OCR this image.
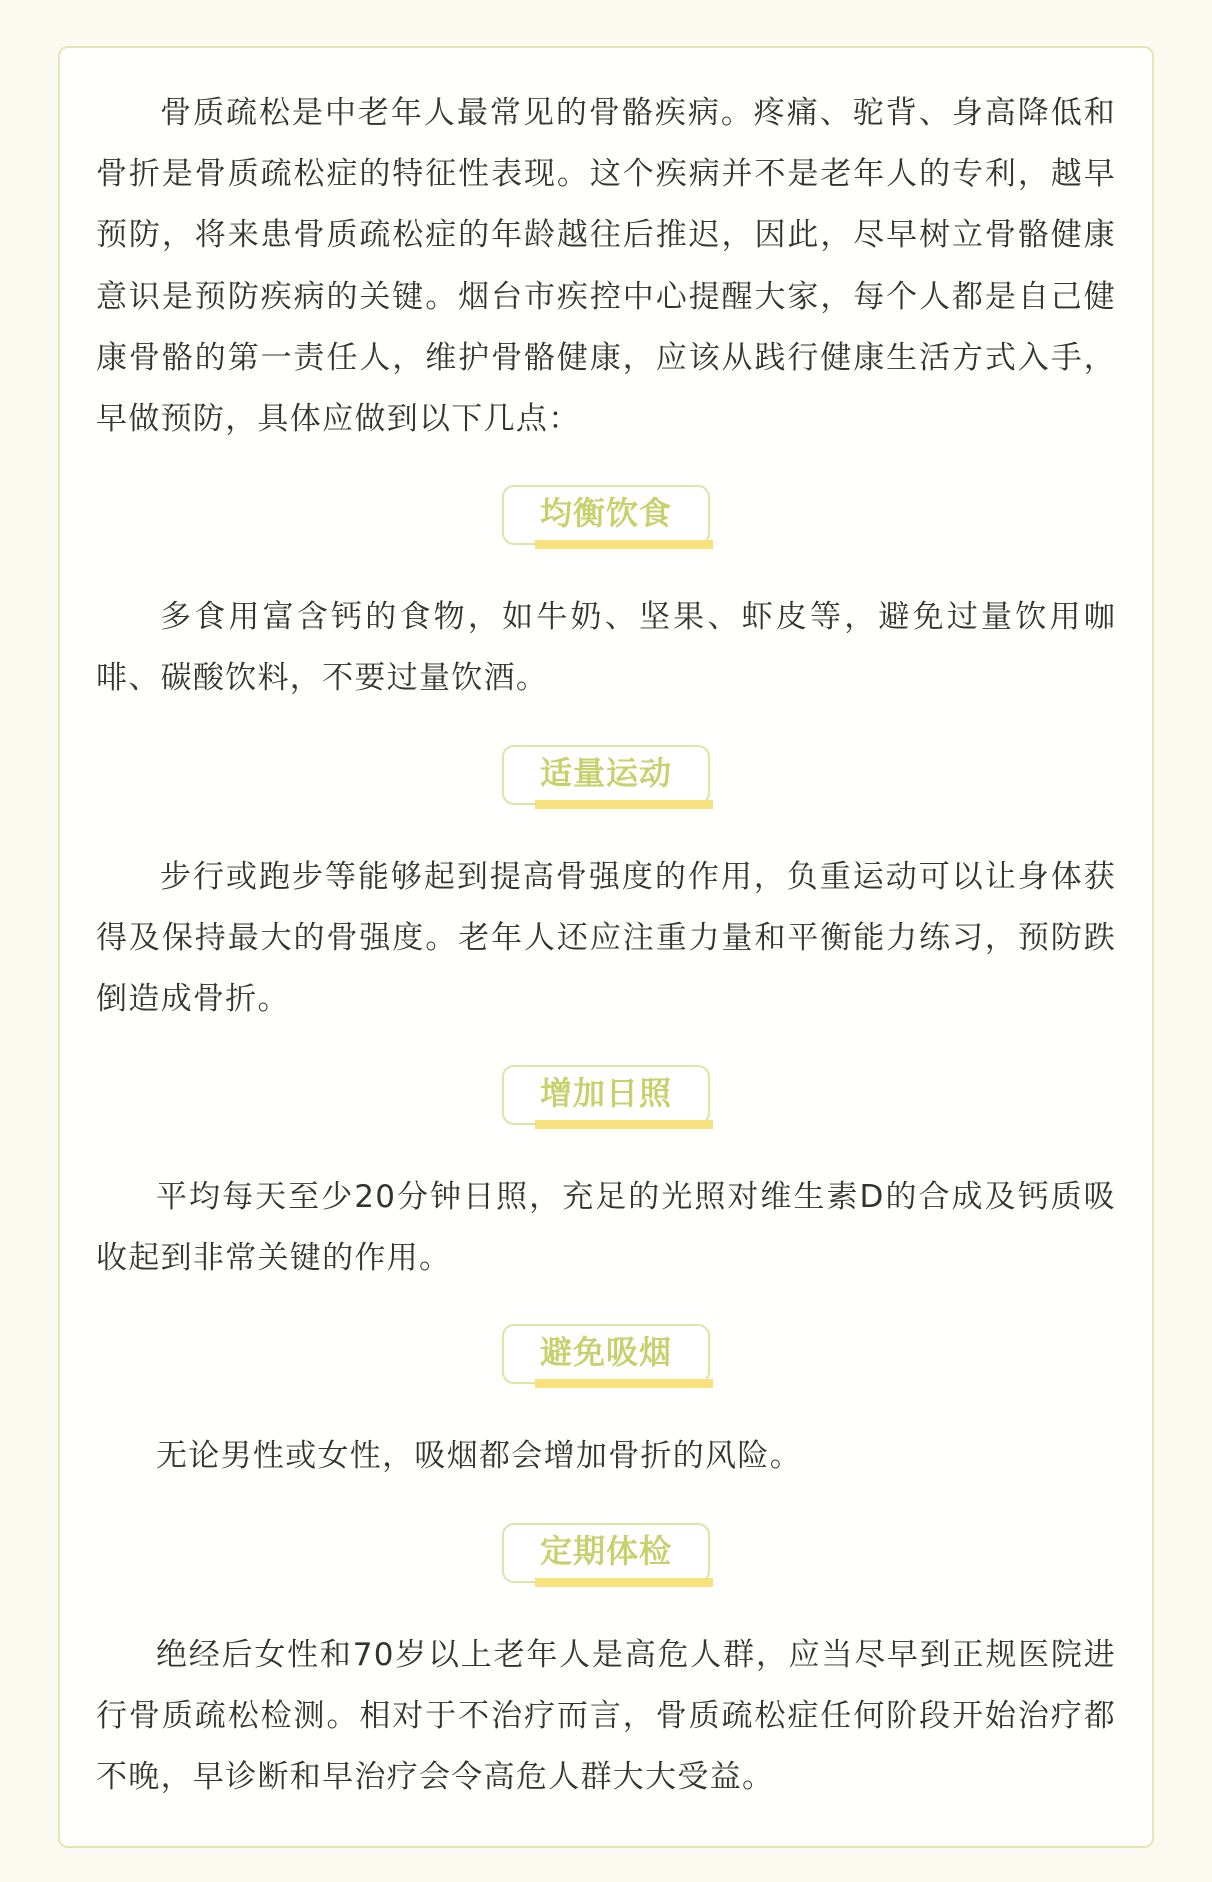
骨质疏松是中老年人最常见的骨骼疾病。疼痛、驼背、身高降低和
骨折是骨质疏松症的特征性表现。这个疾病并不是老年人的专利，越早
预防，将来患骨质疏松症的年龄越往后推迟，因此，尽早树立骨骼健康
意识是预防疾病的关键。烟台市疾控中心提醒大家，每个人都是自己健
康骨骼的第一责任人，维护骨骼健康，应该从践行健康生活方式入手，
早做预防，具体应做到以下几点：
均衡饮食
多食用富含钙的食物，如牛奶、坚果、虾皮等，避免过量饮用咖
啡、碳酸饮料，不要过量饮酒。
适量运动
步行或跑步等能够起到提高骨强度的作用，负重运动可以让身体获
得及保持最大的骨强度。老年人还应注重力量和平衡能力练习，预防跌
倒造成骨折。
增加日照
平均每天至少20分钟日照，充足的光照对维生素D的合成及钙质吸
收起到非常关键的作用。
避免吸烟
无论男性或女性，吸烟都会增加骨折的风险。
定期体检
绝经后女性和70岁以上老年人是高危人群，应当尽早到正规医院进
行骨质疏松检测。相对于不治疗而言，骨质疏松症任何阶段开始治疗都
不晚，早诊断和早治疗会令高危人群大大受益。
